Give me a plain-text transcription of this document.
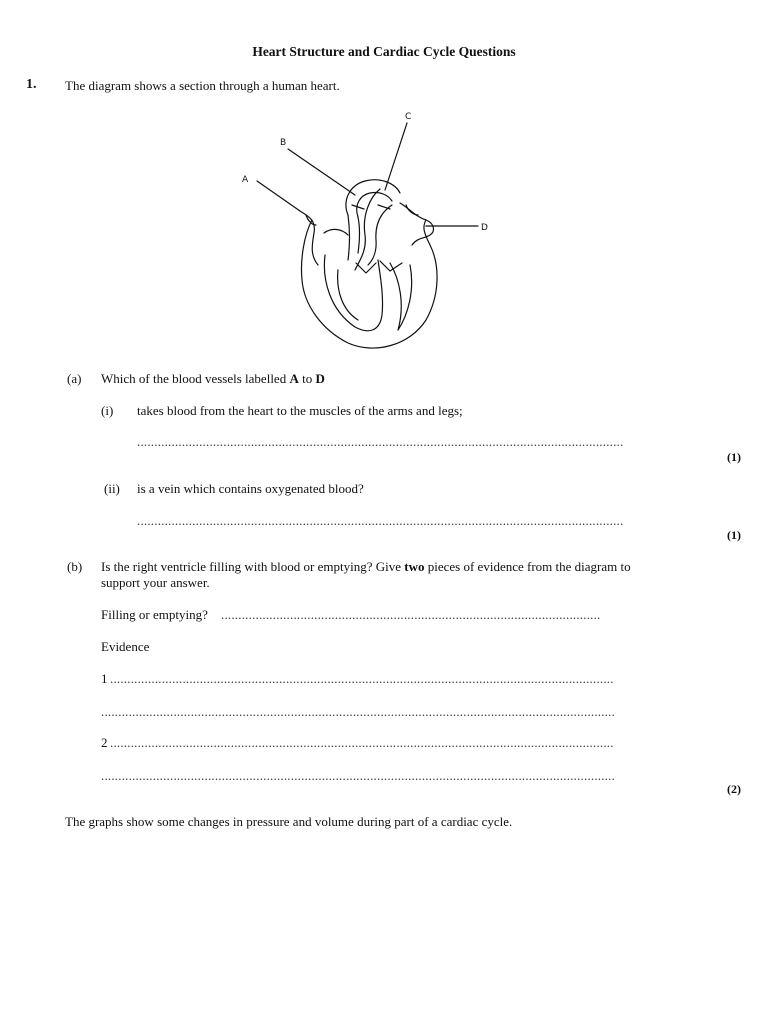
Heart Structure and Cardiac Cycle Questions
1. The diagram shows a section through a human heart.
A
B
C
D
(a) Which of the blood vessels labelled A to D
(i) takes blood from the heart to the muscles of the arms and legs;
.............................................................................................................................................
(1)
(ii) is a vein which contains oxygenated blood?
.............................................................................................................................................
(1)
(b) Is the right ventricle filling with blood or emptying? Give two pieces of evidence from the diagram to
support your answer.
Filling or emptying? ..............................................................................................................
Evidence
1 ..................................................................................................................................................
.....................................................................................................................................................
2 ..................................................................................................................................................
.....................................................................................................................................................
(2)
The graphs show some changes in pressure and volume during part of a cardiac cycle.
